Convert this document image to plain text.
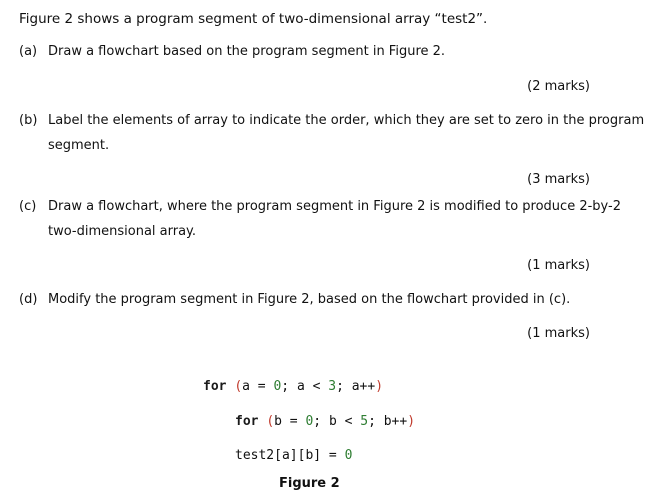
Figure 2 shows a program segment of two-dimensional array “test2”.
(a) Draw a flowchart based on the program segment in Figure 2.
(2 marks)
(b) Label the elements of array to indicate the order, which they are set to zero in the program
segment.
(3 marks)
(c) Draw a flowchart, where the program segment in Figure 2 is modified to produce 2-by-2
two-dimensional array.
(1 marks)
(d) Modify the program segment in Figure 2, based on the flowchart provided in (c).
(1 marks)
for (a = 0; a < 3; a++)
for (b = 0; b < 5; b++)
test2[a][b] = 0
Figure 2
